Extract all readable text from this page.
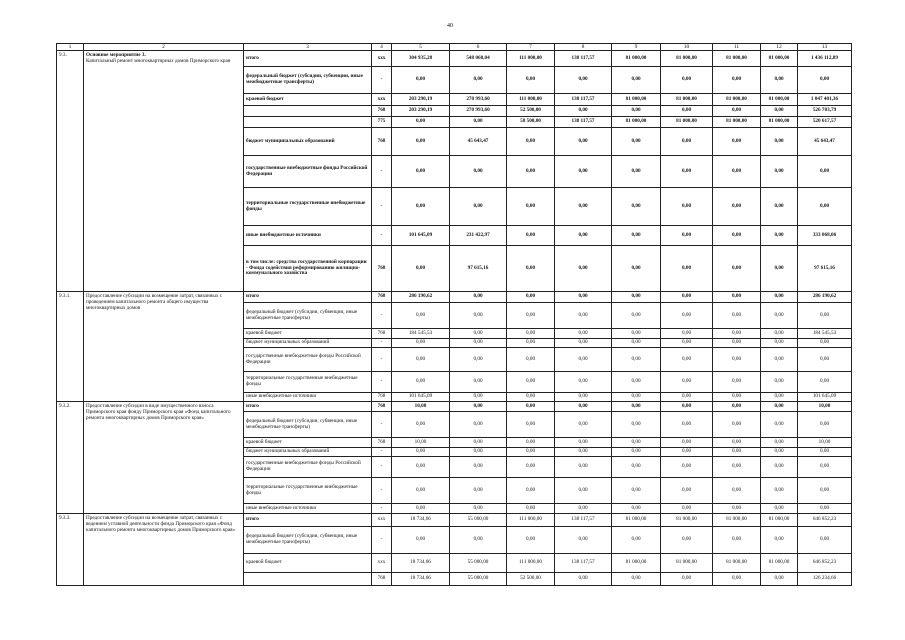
40
1	2	3	4	5	6	7	8	9	10	11	12	13
9.3.	Основное мероприятие 3.
Капитальный ремонт многоквартирных домов Приморского края	итого	xxx	304 935,28	548 060,04	111 000,00	138 117,57	81 000,00	81 000,00	81 000,00	81 000,00	1 436 112,89
		федеральный бюджет (субсидии, субвенции, иные межбюджетные трансферты)	-	0,00	0,00	0,00	0,00	0,00	0,00	0,00	0,00	0,00
		краевой бюджет	xxx	203 290,19	270 993,60	111 000,00	138 117,57	81 000,00	81 000,00	81 000,00	81 000,00	1 047 401,36
			768	203 290,19	270 993,60	52 500,00	0,00	0,00	0,00	0,00	0,00	526 783,79
			775	0,00	0,00	58 500,00	138 117,57	81 000,00	81 000,00	81 000,00	81 000,00	520 617,57
		бюджет муниципальных образований	768	0,00	45 643,47	0,00	0,00	0,00	0,00	0,00	0,00	45 643,47
		государственные внебюджетные фонды Российской Федерации	-	0,00	0,00	0,00	0,00	0,00	0,00	0,00	0,00	0,00
		территориальные государственные внебюджетные фонды	-	0,00	0,00	0,00	0,00	0,00	0,00	0,00	0,00	0,00
		иные внебюджетные источники	-	101 645,09	231 422,97	0,00	0,00	0,00	0,00	0,00	0,00	333 068,06
		в том числе: средства государственной корпорации - Фонда содействия реформированию жилищно-коммунального хозяйства	768	0,00	97 615,16	0,00	0,00	0,00	0,00	0,00	0,00	97 615,16
9.3.1.	Предоставление субсидии на возмещение затрат, связанных с проведением капитального ремонта общего имущества многоквартирных домов	итого	768	286 190,62	0,00	0,00	0,00	0,00	0,00	0,00	0,00	286 190,62
		федеральный бюджет (субсидии, субвенции, иные межбюджетные трансферты)	-	0,00	0,00	0,00	0,00	0,00	0,00	0,00	0,00	0,00
		краевой бюджет	768	184 545,53	0,00	0,00	0,00	0,00	0,00	0,00	0,00	184 545,53
		бюджет муниципальных образований	-	0,00	0,00	0,00	0,00	0,00	0,00	0,00	0,00	0,00
		государственные внебюджетные фонды Российской Федерации	-	0,00	0,00	0,00	0,00	0,00	0,00	0,00	0,00	0,00
		территориальные государственные внебюджетные фонды	-	0,00	0,00	0,00	0,00	0,00	0,00	0,00	0,00	0,00
		иные внебюджетные источники	768	101 645,09	0,00	0,00	0,00	0,00	0,00	0,00	0,00	101 645,09
9.3.2.	Предоставление субсидии в виде имущественного взноса Приморского края фонду Приморского края «Фонд капитального ремонта многоквартирных домов Приморского края»	итого	768	10,00	0,00	0,00	0,00	0,00	0,00	0,00	0,00	10,00
		федеральный бюджет (субсидии, субвенции, иные межбюджетные трансферты)	-	0,00	0,00	0,00	0,00	0,00	0,00	0,00	0,00	0,00
		краевой бюджет	768	10,00	0,00	0,00	0,00	0,00	0,00	0,00	0,00	10,00
		бюджет муниципальных образований	-	0,00	0,00	0,00	0,00	0,00	0,00	0,00	0,00	0,00
		государственные внебюджетные фонды Российской Федерации	-	0,00	0,00	0,00	0,00	0,00	0,00	0,00	0,00	0,00
		территориальные государственные внебюджетные фонды	-	0,00	0,00	0,00	0,00	0,00	0,00	0,00	0,00	0,00
		иные внебюджетные источники	-	0,00	0,00	0,00	0,00	0,00	0,00	0,00	0,00	0,00
9.3.3.	Предоставление субсидии на возмещение затрат, связанных с ведением уставной деятельности фонда Приморского края «Фонд капитального ремонта многоквартирных домов Приморского края»	итого	xxx	18 734,66	55 000,00	111 000,00	138 117,57	81 000,00	81 000,00	81 000,00	81 000,00	646 852,23
		федеральный бюджет (субсидии, субвенции, иные межбюджетные трансферты)	-	0,00	0,00	0,00	0,00	0,00	0,00	0,00	0,00	0,00
		краевой бюджет	xxx	18 734,66	55 000,00	111 000,00	138 117,57	81 000,00	81 000,00	81 000,00	81 000,00	646 852,23
			768	18 734,66	55 000,00	52 500,00	0,00	0,00	0,00	0,00	0,00	126 234,66
